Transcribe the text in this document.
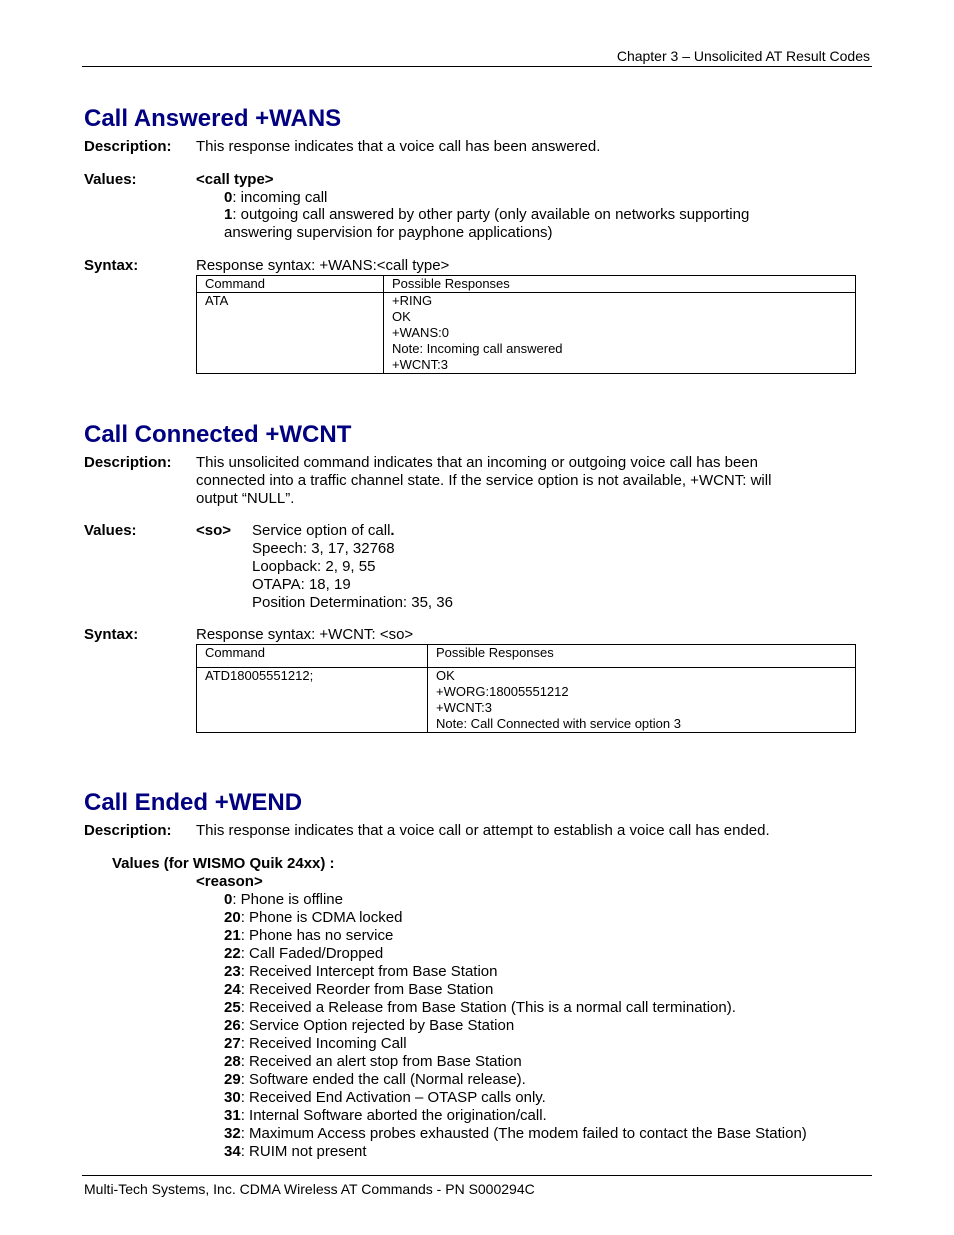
Chapter 3 – Unsolicited AT Result Codes
Call Answered +WANS
Description: This response indicates that a voice call has been answered.
Values:	<call type>
0: incoming call
1: outgoing call answered by other party (only available on networks supporting
answering supervision for payphone applications)
Syntax:	Response syntax: +WANS:<call type>
Command	Possible Responses
ATA	+RING
OK
+WANS:0
Note: Incoming call answered
+WCNT:3
Call Connected +WCNT
Description: This unsolicited command indicates that an incoming or outgoing voice call has been
connected into a traffic channel state. If the service option is not available, +WCNT: will
output “NULL”.
Values:	<so> Service option of call.
Speech: 3, 17, 32768
Loopback: 2, 9, 55
OTAPA: 18, 19
Position Determination: 35, 36
Syntax:	Response syntax: +WCNT: <so>
Command	Possible Responses
ATD18005551212;	OK
+WORG:18005551212
+WCNT:3
Note: Call Connected with service option 3
Call Ended +WEND
Description: This response indicates that a voice call or attempt to establish a voice call has ended.
Values (for WISMO Quik 24xx) :
<reason>
0: Phone is offline
20: Phone is CDMA locked
21: Phone has no service
22: Call Faded/Dropped
23: Received Intercept from Base Station
24: Received Reorder from Base Station
25: Received a Release from Base Station (This is a normal call termination).
26: Service Option rejected by Base Station
27: Received Incoming Call
28: Received an alert stop from Base Station
29: Software ended the call (Normal release).
30: Received End Activation – OTASP calls only.
31: Internal Software aborted the origination/call.
32: Maximum Access probes exhausted (The modem failed to contact the Base Station)
34: RUIM not present
Multi-Tech Systems, Inc. CDMA Wireless AT Commands - PN S000294C
